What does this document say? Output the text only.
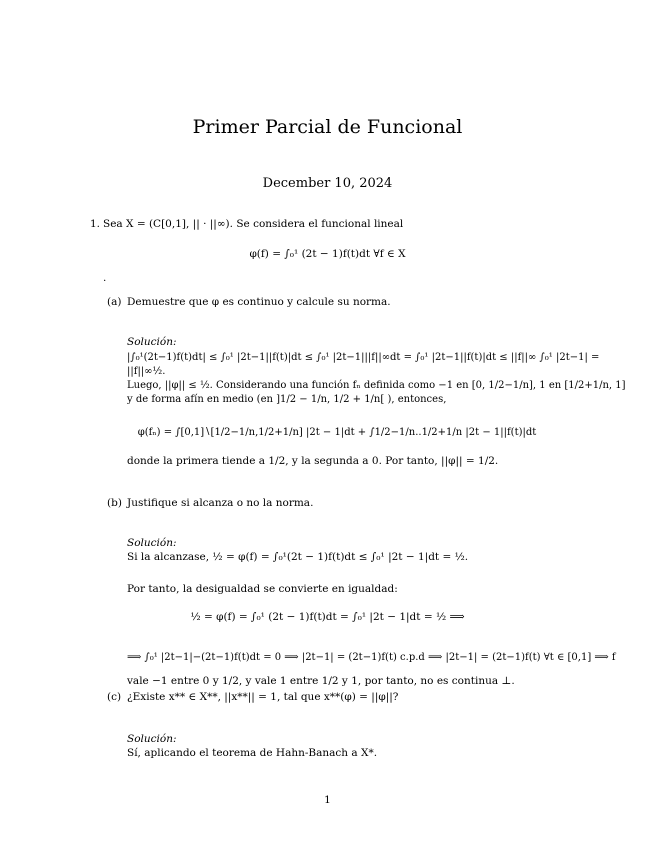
Primer Parcial de Funcional
December 10, 2024
1. Sea X = (C[0,1], || · ||∞). Se considera el funcional lineal
φ(f) = ∫₀¹ (2t − 1)f(t)dt ∀f ∈ X
.
(a) Demuestre que φ es continuo y calcule su norma.
Solución:
|∫₀¹(2t−1)f(t)dt| ≤ ∫₀¹ |2t−1||f(t)|dt ≤ ∫₀¹ |2t−1|||f||∞dt = ∫₀¹ |2t−1||f(t)|dt ≤ ||f||∞ ∫₀¹ |2t−1| =
||f||∞½.
Luego, ||φ|| ≤ ½. Considerando una función fₙ definida como −1 en [0, 1/2−1/n], 1 en [1/2+1/n, 1]
y de forma afín en medio (en ]1/2 − 1/n, 1/2 + 1/n[ ), entonces,
φ(fₙ) = ∫[0,1]∖[1/2−1/n,1/2+1/n] |2t − 1|dt + ∫1/2−1/n..1/2+1/n |2t − 1||f(t)|dt
donde la primera tiende a 1/2, y la segunda a 0. Por tanto, ||φ|| = 1/2.
(b) Justifique si alcanza o no la norma.
Solución:
Si la alcanzase, ½ = φ(f) = ∫₀¹(2t − 1)f(t)dt ≤ ∫₀¹ |2t − 1|dt = ½.
Por tanto, la desigualdad se convierte en igualdad:
½ = φ(f) = ∫₀¹ (2t − 1)f(t)dt = ∫₀¹ |2t − 1|dt = ½ ⟹
⟹ ∫₀¹ |2t−1|−(2t−1)f(t)dt = 0 ⟹ |2t−1| = (2t−1)f(t) c.p.d ⟹ |2t−1| = (2t−1)f(t) ∀t ∈ [0,1] ⟹ f
vale −1 entre 0 y 1/2, y vale 1 entre 1/2 y 1, por tanto, no es continua ⊥.
(c) ¿Existe x** ∈ X**, ||x**|| = 1, tal que x**(φ) = ||φ||?
Solución:
Sí, aplicando el teorema de Hahn-Banach a X*.
1
